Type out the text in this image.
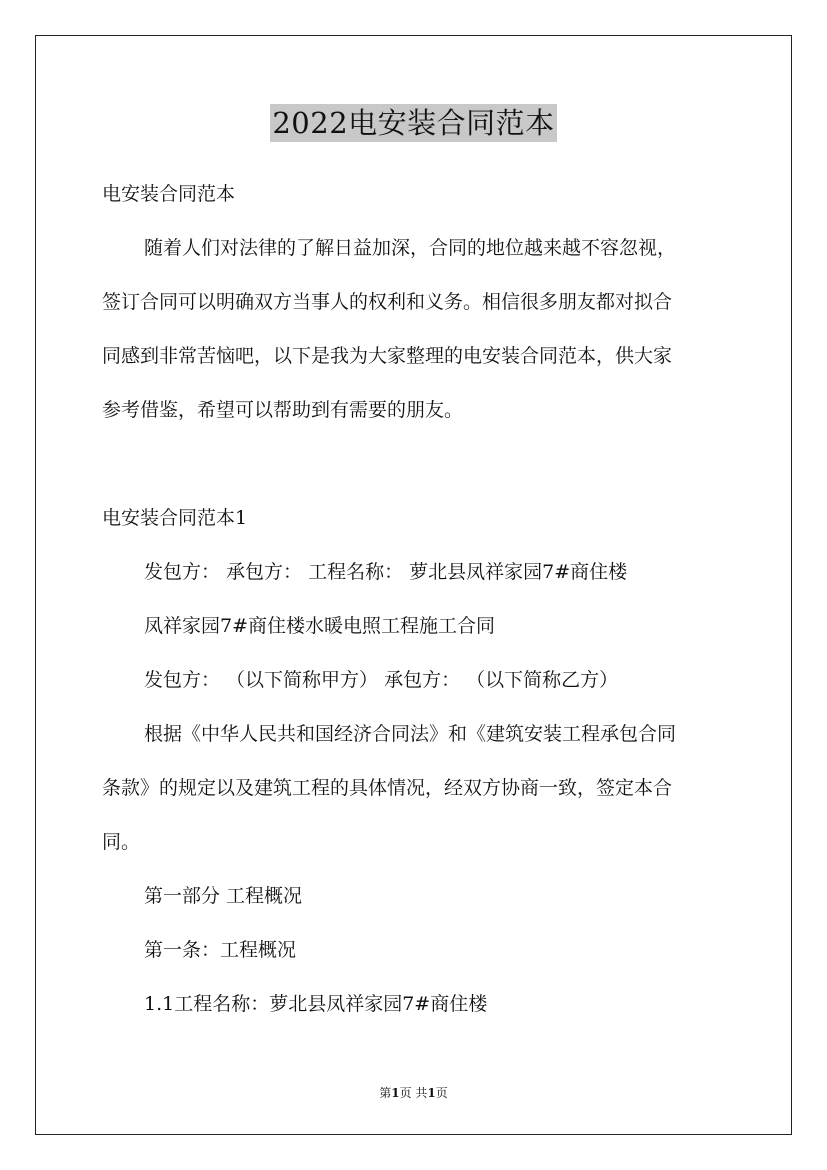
2022电安装合同范本
电安装合同范本
随着人们对法律的了解日益加深，合同的地位越来越不容忽视，
签订合同可以明确双方当事人的权利和义务。相信很多朋友都对拟合
同感到非常苦恼吧，以下是我为大家整理的电安装合同范本，供大家
参考借鉴，希望可以帮助到有需要的朋友。
电安装合同范本1
发包方： 承包方： 工程名称： 萝北县凤祥家园7#商住楼
凤祥家园7#商住楼水暖电照工程施工合同
发包方： （以下简称甲方） 承包方： （以下简称乙方）
根据《中华人民共和国经济合同法》和《建筑安装工程承包合同
条款》的规定以及建筑工程的具体情况，经双方协商一致，签定本合
同。
第一部分 工程概况
第一条：工程概况
1.1工程名称：萝北县凤祥家园7#商住楼
第1页 共1页
